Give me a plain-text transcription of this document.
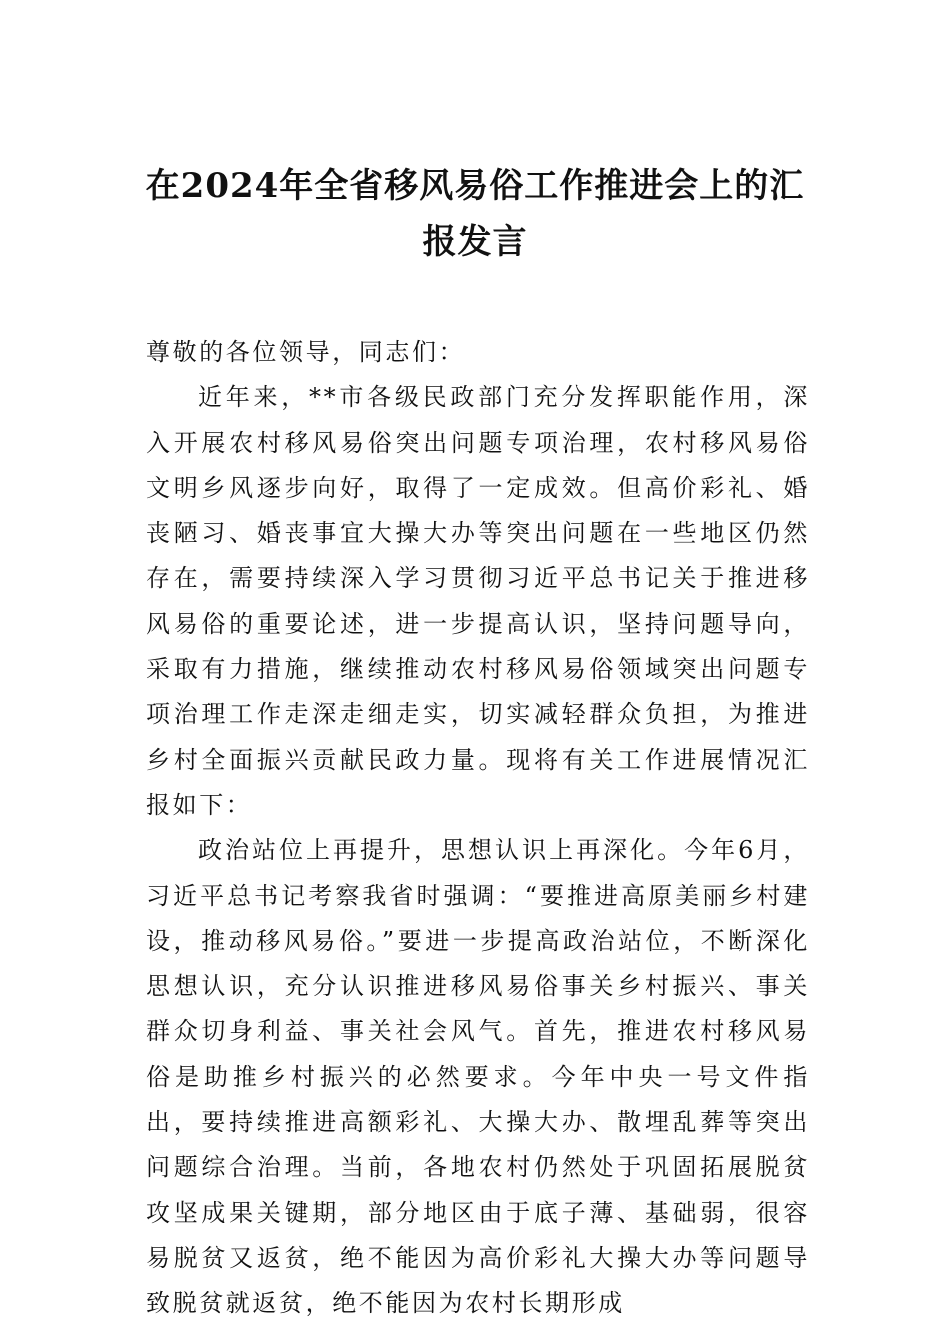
在2024年全省移风易俗工作推进会上的汇
报发言

尊敬的各位领导，同志们：

近年来，**市各级民政部门充分发挥职能作用，深入开展农村移风易俗突出问题专项治理，农村移风易俗文明乡风逐步向好，取得了一定成效。但高价彩礼、婚丧陋习、婚丧事宜大操大办等突出问题在一些地区仍然存在，需要持续深入学习贯彻习近平总书记关于推进移风易俗的重要论述，进一步提高认识，坚持问题导向，采取有力措施，继续推动农村移风易俗领域突出问题专项治理工作走深走细走实，切实减轻群众负担，为推进乡村全面振兴贡献民政力量。现将有关工作进展情况汇报如下：

政治站位上再提升，思想认识上再深化。今年6月，习近平总书记考察我省时强调：“要推进高原美丽乡村建设，推动移风易俗。”要进一步提高政治站位，不断深化思想认识，充分认识推进移风易俗事关乡村振兴、事关群众切身利益、事关社会风气。首先，推进农村移风易俗是助推乡村振兴的必然要求。今年中央一号文件指出，要持续推进高额彩礼、大操大办、散埋乱葬等突出问题综合治理。当前，各地农村仍然处于巩固拓展脱贫攻坚成果关键期，部分地区由于底子薄、基础弱，很容易脱贫又返贫，绝不能因为高价彩礼大操大办等问题导致脱贫就返贫，绝不能因为农村长期形成
